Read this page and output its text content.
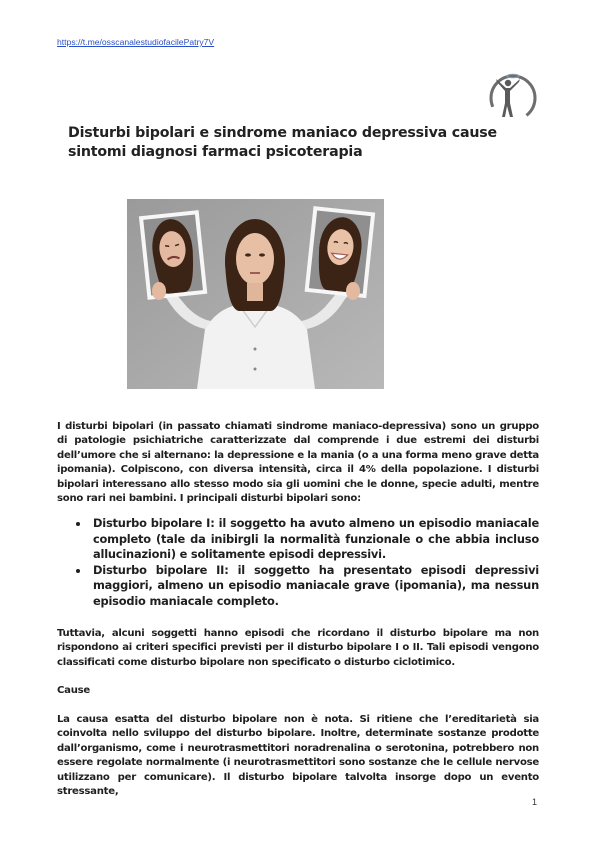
https://t.me/osscanalestudiofacilePatry7V
Disturbi bipolari e sindrome maniaco depressiva cause sintomi diagnosi farmaci psicoterapia

I disturbi bipolari (in passato chiamati sindrome maniaco-depressiva) sono un gruppo di patologie psichiatriche caratterizzate dal comprende i due estremi dei disturbi dell’umore che si alternano: la depressione e la mania (o a una forma meno grave detta ipomania). Colpiscono, con diversa intensità, circa il 4% della popolazione. I disturbi bipolari interessano allo stesso modo sia gli uomini che le donne, specie adulti, mentre sono rari nei bambini. I principali disturbi bipolari sono:

Disturbo bipolare I: il soggetto ha avuto almeno un episodio maniacale completo (tale da inibirgli la normalità funzionale o che abbia incluso allucinazioni) e solitamente episodi depressivi.
Disturbo bipolare II: il soggetto ha presentato episodi depressivi maggiori, almeno un episodio maniacale grave (ipomania), ma nessun episodio maniacale completo.

Tuttavia, alcuni soggetti hanno episodi che ricordano il disturbo bipolare ma non rispondono ai criteri specifici previsti per il disturbo bipolare I o II. Tali episodi vengono classificati come disturbo bipolare non specificato o disturbo ciclotimico.

Cause

La causa esatta del disturbo bipolare non è nota. Si ritiene che l’ereditarietà sia coinvolta nello sviluppo del disturbo bipolare. Inoltre, determinate sostanze prodotte dall’organismo, come i neurotrasmettitori noradrenalina o serotonina, potrebbero non essere regolate normalmente (i neurotrasmettitori sono sostanze che le cellule nervose utilizzano per comunicare). Il disturbo bipolare talvolta insorge dopo un evento stressante,

1
